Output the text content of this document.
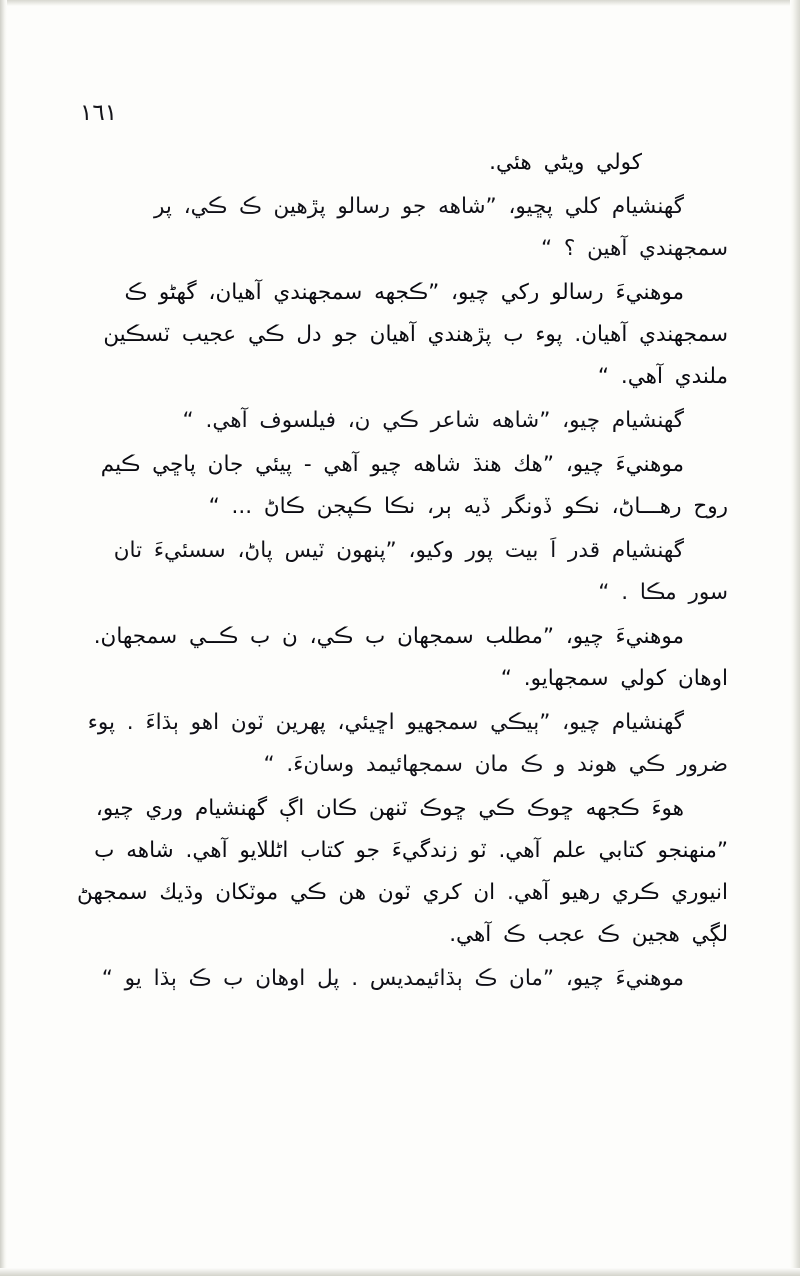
١٦١

كولي ويڻي هئي.

گهنشيام كلي پڇيو، ”شاهه جو رسالو پڙهين ڪ ڪي، پر سمجهندي آهين ؟ “

موهنيءَ رسالو رکي چيو، ”ڪجهه سمجهندي آهيان، گهڻو ڪ سمجهندي آهيان. پوء ب پڙهندي آهيان جو دل ڪي عجيب ٽسڪين ملندي آهي. “

گهنشيام چيو، ”شاهه شاعر ڪي ن، فيلسوف آهي. “

موهنيءَ چيو، ”هك هنڌ شاهه چيو آهي - پيئي جان پاڇي ڪيم روح رهـــاڻ، نڪو ڏونگر ڏيه ٻر، نڪا ڪپجن ڪاڻ ... “

گهنشيام قدر اَ بيت پور وکيو، ”پنهون ٽيس پاڻ، سسئيءَ تان سور مڪا . “

موهنيءَ چيو، ”مطلب سمجهان ب ڪي، ن ب ڪــي سمجهان. اوهان كولي سمجهايو. “

گهنشيام چيو، ”ٻيڪي سمجهيو اڇيئي، پهرين ٽون اهو ٻڌاءَ . پوء ضرور ڪي هوند و ڪ مان سمجهائيمد وسانءَ. “

هوءَ ڪجهه ڇوڪ ڪي ڇوڪ ٽنهن ڪان اڳ گهنشيام وري چيو، ”منهنجو كتابي علم آهي. ٽو زندگيءَ جو كتاب اڻللايو آهي. شاهه ب انيوري ڪري رهيو آهي. ان كري ٽون هن ڪي موٽكان وڌيك سمجهڻ لڳي هجين ڪ عجب ڪ آهي.

موهنيءَ چيو، ”مان ڪ ٻڌائيمديس . پل اوهان ب ڪ ٻڌا يو “
